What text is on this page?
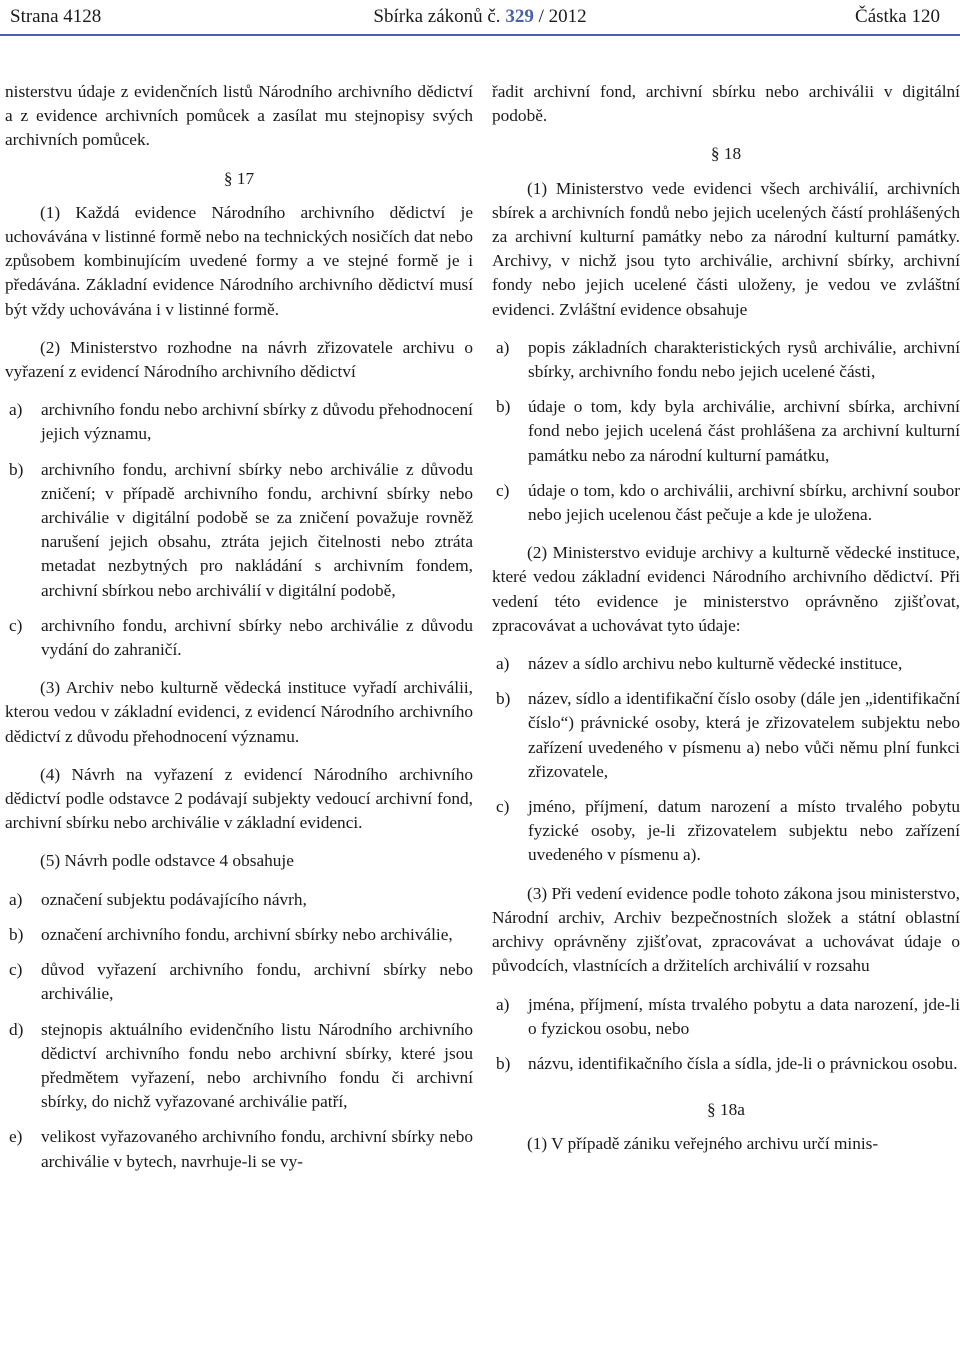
Strana 4128	Sbírka zákonů č. 329 / 2012	Částka 120

nisterstvu údaje z evidenčních listů Národního archivního dědictví a z evidence archivních pomůcek a zasílat mu stejnopisy svých archivních pomůcek.

§ 17

(1) Každá evidence Národního archivního dědictví je uchovávána v listinné formě nebo na technických nosičích dat nebo způsobem kombinujícím uvedené formy a ve stejné formě je i předávána. Základní evidence Národního archivního dědictví musí být vždy uchovávána i v listinné formě.

(2) Ministerstvo rozhodne na návrh zřizovatele archivu o vyřazení z evidencí Národního archivního dědictví

a) archivního fondu nebo archivní sbírky z důvodu přehodnocení jejich významu,
b) archivního fondu, archivní sbírky nebo archiválie z důvodu zničení; v případě archivního fondu, archivní sbírky nebo archiválie v digitální podobě se za zničení považuje rovněž narušení jejich obsahu, ztráta jejich čitelnosti nebo ztráta metadat nezbytných pro nakládání s archivním fondem, archivní sbírkou nebo archiválií v digitální podobě,
c) archivního fondu, archivní sbírky nebo archiválie z důvodu vydání do zahraničí.

(3) Archiv nebo kulturně vědecká instituce vyřadí archiválii, kterou vedou v základní evidenci, z evidencí Národního archivního dědictví z důvodu přehodnocení významu.

(4) Návrh na vyřazení z evidencí Národního archivního dědictví podle odstavce 2 podávají subjekty vedoucí archivní fond, archivní sbírku nebo archiválie v základní evidenci.

(5) Návrh podle odstavce 4 obsahuje

a) označení subjektu podávajícího návrh,
b) označení archivního fondu, archivní sbírky nebo archiválie,
c) důvod vyřazení archivního fondu, archivní sbírky nebo archiválie,
d) stejnopis aktuálního evidenčního listu Národního archivního dědictví archivního fondu nebo archivní sbírky, které jsou předmětem vyřazení, nebo archivního fondu či archivní sbírky, do nichž vyřazované archiválie patří,
e) velikost vyřazovaného archivního fondu, archivní sbírky nebo archiválie v bytech, navrhuje-li se vy-

řadit archivní fond, archivní sbírku nebo archiválii v digitální podobě.

§ 18

(1) Ministerstvo vede evidenci všech archiválií, archivních sbírek a archivních fondů nebo jejich ucelených částí prohlášených za archivní kulturní památky nebo za národní kulturní památky. Archivy, v nichž jsou tyto archiválie, archivní sbírky, archivní fondy nebo jejich ucelené části uloženy, je vedou ve zvláštní evidenci. Zvláštní evidence obsahuje

a) popis základních charakteristických rysů archiválie, archivní sbírky, archivního fondu nebo jejich ucelené části,
b) údaje o tom, kdy byla archiválie, archivní sbírka, archivní fond nebo jejich ucelená část prohlášena za archivní kulturní památku nebo za národní kulturní památku,
c) údaje o tom, kdo o archiválii, archivní sbírku, archivní soubor nebo jejich ucelenou část pečuje a kde je uložena.

(2) Ministerstvo eviduje archivy a kulturně vědecké instituce, které vedou základní evidenci Národního archivního dědictví. Při vedení této evidence je ministerstvo oprávněno zjišťovat, zpracovávat a uchovávat tyto údaje:

a) název a sídlo archivu nebo kulturně vědecké instituce,
b) název, sídlo a identifikační číslo osoby (dále jen „identifikační číslo“) právnické osoby, která je zřizovatelem subjektu nebo zařízení uvedeného v písmenu a) nebo vůči němu plní funkci zřizovatele,
c) jméno, příjmení, datum narození a místo trvalého pobytu fyzické osoby, je-li zřizovatelem subjektu nebo zařízení uvedeného v písmenu a).

(3) Při vedení evidence podle tohoto zákona jsou ministerstvo, Národní archiv, Archiv bezpečnostních složek a státní oblastní archivy oprávněny zjišťovat, zpracovávat a uchovávat údaje o původcích, vlastnících a držitelích archiválií v rozsahu

a) jména, příjmení, místa trvalého pobytu a data narození, jde-li o fyzickou osobu, nebo
b) názvu, identifikačního čísla a sídla, jde-li o právnickou osobu.
§ 18a

(1) V případě zániku veřejného archivu určí minis-
